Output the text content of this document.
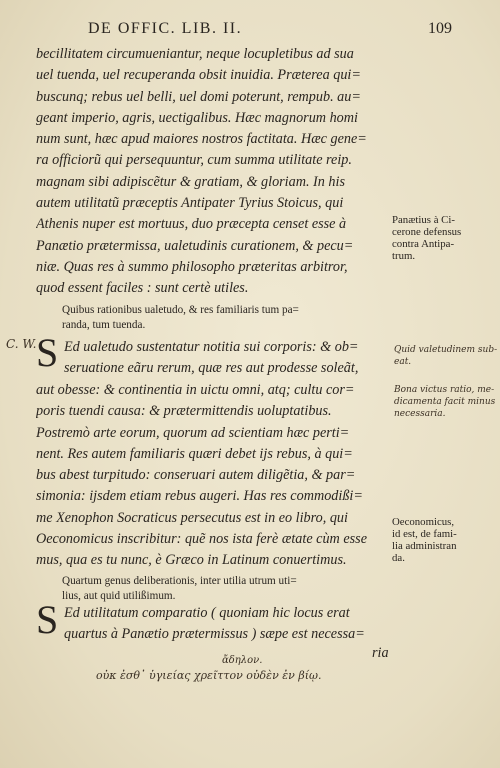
DE OFFIC. LIB. II.	109
becillitatem circumueniantur, neque locupletibus ad sua
uel tuenda, uel recuperanda obsit inuidia. Præterea qui=
buscunq; rebus uel belli, uel domi poterunt, rempub. au=
geant imperio, agris, uectigalibus. Hæc magnorum homi
num sunt, hæc apud maiores nostros factitata. Hæc gene=
ra officiorũ qui persequuntur, cum summa utilitate reip.
magnam sibi adipiscẽtur & gratiam, & gloriam. In his
autem utilitatũ præceptis Antipater Tyrius Stoicus, qui
Athenis nuper est mortuus, duo præcepta censet esse à
Panætio prætermissa, ualetudinis curationem, & pecu=
niæ. Quas res à summo philosopho præteritas arbitror,
quod essent faciles : sunt certè utiles.
Panætius à Ci-
cerone defensus
contra Antipa-
trum.
Quibus rationibus ualetudo, & res familiaris tum pa=
randa, tum tuenda.
C. W. S Ed ualetudo sustentatur notitia sui corporis: & ob=
seruatione eãru rerum, quæ res aut prodesse soleãt,
aut obesse: & continentia in uictu omni, atq; cultu cor=
poris tuendi causa: & prætermittendis uoluptatibus.
Postremò arte eorum, quorum ad scientiam hæc perti=
nent. Res autem familiaris quæri debet ijs rebus, à qui=
bus abest turpitudo: conseruari autem diligẽtia, & par=
simonia: ijsdem etiam rebus augeri. Has res commodißi=
me Xenophon Socraticus persecutus est in eo libro, qui
Oeconomicus inscribitur: quẽ nos ista ferè ætate cùm esse
mus, qua es tu nunc, è Græco in Latinum conuertimus.
Quid valetudinem sub-
eat.
Bona victus ratio, me-
dicamenta facit minus
necessaria.
Oeconomicus,
id est, de fami-
lia administran
da.
Quartum genus deliberationis, inter utilia utrum uti=
lius, aut quid utilißimum.
S Ed utilitatum comparatio ( quoniam hic locus erat
quartus à Panætio prætermissus ) sæpe est necessa=
ria
ἄδηλον.
οὐκ ἐσθ᾽ ὑγιείας χρεῖττον οὐδὲν ἐν βίῳ.
